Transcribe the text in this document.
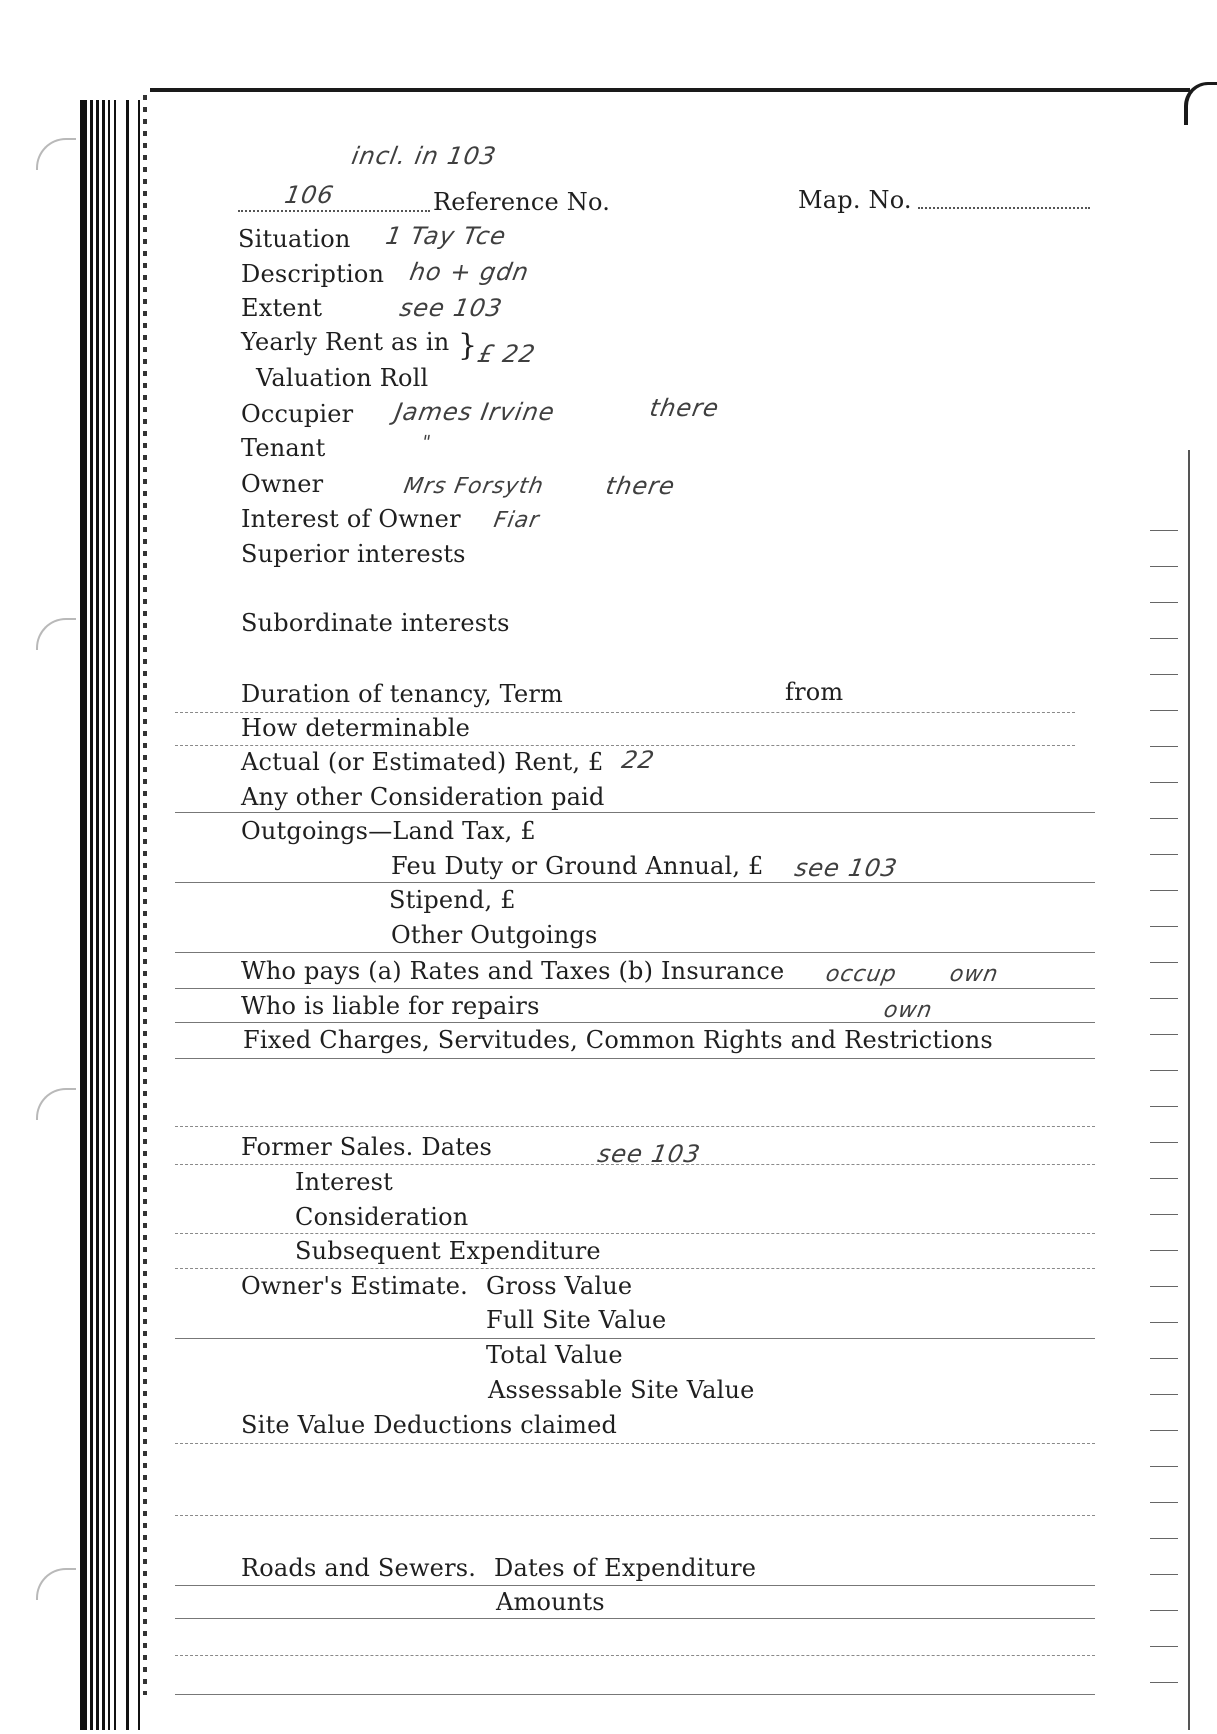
incl. in 103
106	Reference No.	Map. No.
Situation 1 Tay Tce
Description ho + gdn
Extent	see 103
Yearly Rent as in }
Valuation Roll
£ 22
Occupier James Irvine	there
Tenant	"
Owner	Mrs Forsyth there
Interest of Owner Fiar
Superior interests
Subordinate interests
Duration of tenancy, Term	from
How determinable
Actual (or Estimated) Rent, £ 22
Any other Consideration paid
Outgoings—Land Tax, £
Feu Duty or Ground Annual, £ see 103
Stipend, £
Other Outgoings
Who pays (a) Rates and Taxes (b) Insurance occup own
Who is liable for repairs	own
Fixed Charges, Servitudes, Common Rights and Restrictions
Former Sales. Dates	see 103
Interest
Consideration
Subsequent Expenditure
Owner's Estimate. Gross Value
Full Site Value
Total Value
Assessable Site Value
Site Value Deductions claimed
Roads and Sewers. Dates of Expenditure
Amounts
